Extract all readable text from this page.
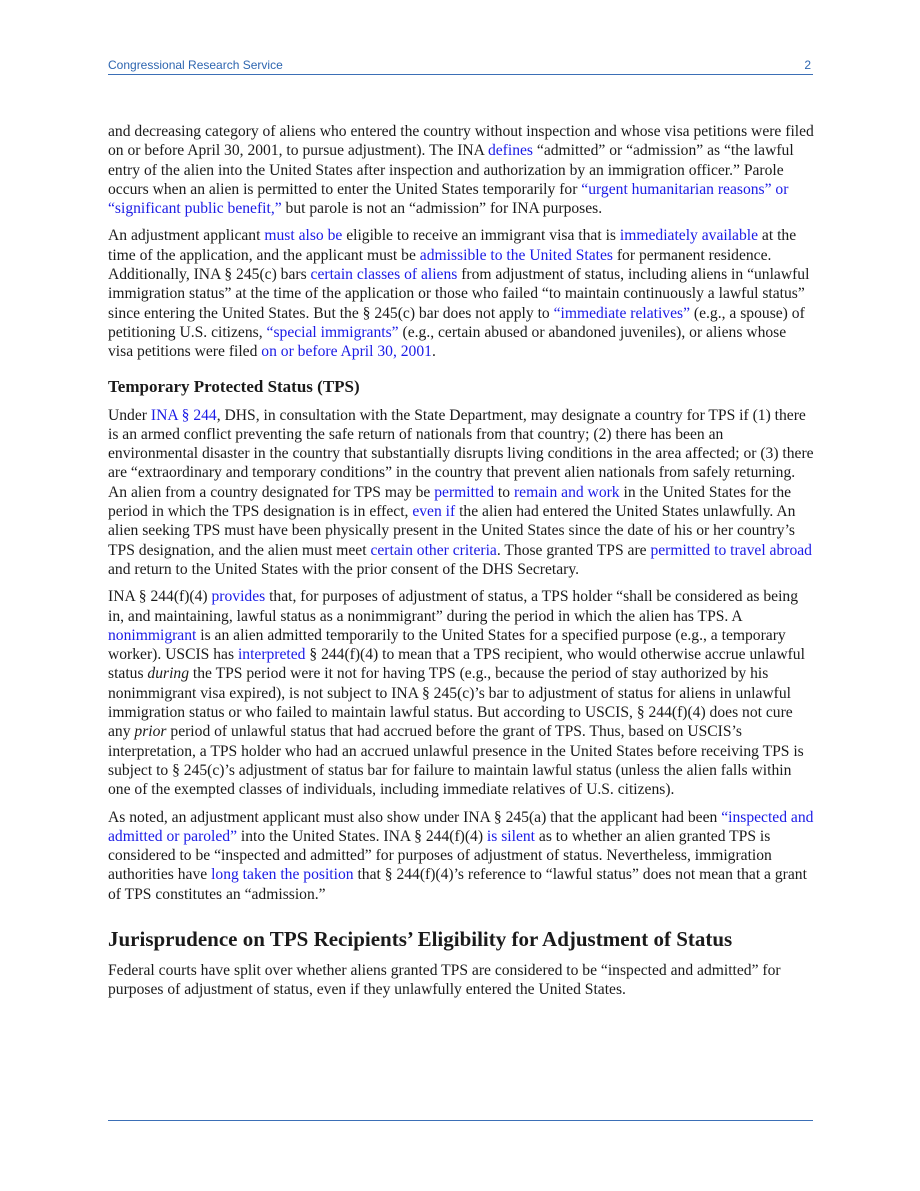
Congressional Research Service	2

and decreasing category of aliens who entered the country without inspection and whose visa petitions were filed on or before April 30, 2001, to pursue adjustment). The INA defines “admitted” or “admission” as “the lawful entry of the alien into the United States after inspection and authorization by an immigration officer.” Parole occurs when an alien is permitted to enter the United States temporarily for “urgent humanitarian reasons” or “significant public benefit,” but parole is not an “admission” for INA purposes.

An adjustment applicant must also be eligible to receive an immigrant visa that is immediately available at the time of the application, and the applicant must be admissible to the United States for permanent residence. Additionally, INA § 245(c) bars certain classes of aliens from adjustment of status, including aliens in “unlawful immigration status” at the time of the application or those who failed “to maintain continuously a lawful status” since entering the United States. But the § 245(c) bar does not apply to “immediate relatives” (e.g., a spouse) of petitioning U.S. citizens, “special immigrants” (e.g., certain abused or abandoned juveniles), or aliens whose visa petitions were filed on or before April 30, 2001.

Temporary Protected Status (TPS)

Under INA § 244, DHS, in consultation with the State Department, may designate a country for TPS if (1) there is an armed conflict preventing the safe return of nationals from that country; (2) there has been an environmental disaster in the country that substantially disrupts living conditions in the area affected; or (3) there are “extraordinary and temporary conditions” in the country that prevent alien nationals from safely returning. An alien from a country designated for TPS may be permitted to remain and work in the United States for the period in which the TPS designation is in effect, even if the alien had entered the United States unlawfully. An alien seeking TPS must have been physically present in the United States since the date of his or her country’s TPS designation, and the alien must meet certain other criteria. Those granted TPS are permitted to travel abroad and return to the United States with the prior consent of the DHS Secretary.

INA § 244(f)(4) provides that, for purposes of adjustment of status, a TPS holder “shall be considered as being in, and maintaining, lawful status as a nonimmigrant” during the period in which the alien has TPS. A nonimmigrant is an alien admitted temporarily to the United States for a specified purpose (e.g., a temporary worker). USCIS has interpreted § 244(f)(4) to mean that a TPS recipient, who would otherwise accrue unlawful status during the TPS period were it not for having TPS (e.g., because the period of stay authorized by his nonimmigrant visa expired), is not subject to INA § 245(c)’s bar to adjustment of status for aliens in unlawful immigration status or who failed to maintain lawful status. But according to USCIS, § 244(f)(4) does not cure any prior period of unlawful status that had accrued before the grant of TPS. Thus, based on USCIS’s interpretation, a TPS holder who had an accrued unlawful presence in the United States before receiving TPS is subject to § 245(c)’s adjustment of status bar for failure to maintain lawful status (unless the alien falls within one of the exempted classes of individuals, including immediate relatives of U.S. citizens).

As noted, an adjustment applicant must also show under INA § 245(a) that the applicant had been “inspected and admitted or paroled” into the United States. INA § 244(f)(4) is silent as to whether an alien granted TPS is considered to be “inspected and admitted” for purposes of adjustment of status. Nevertheless, immigration authorities have long taken the position that § 244(f)(4)’s reference to “lawful status” does not mean that a grant of TPS constitutes an “admission.”

Jurisprudence on TPS Recipients’ Eligibility for Adjustment of Status

Federal courts have split over whether aliens granted TPS are considered to be “inspected and admitted” for purposes of adjustment of status, even if they unlawfully entered the United States.
